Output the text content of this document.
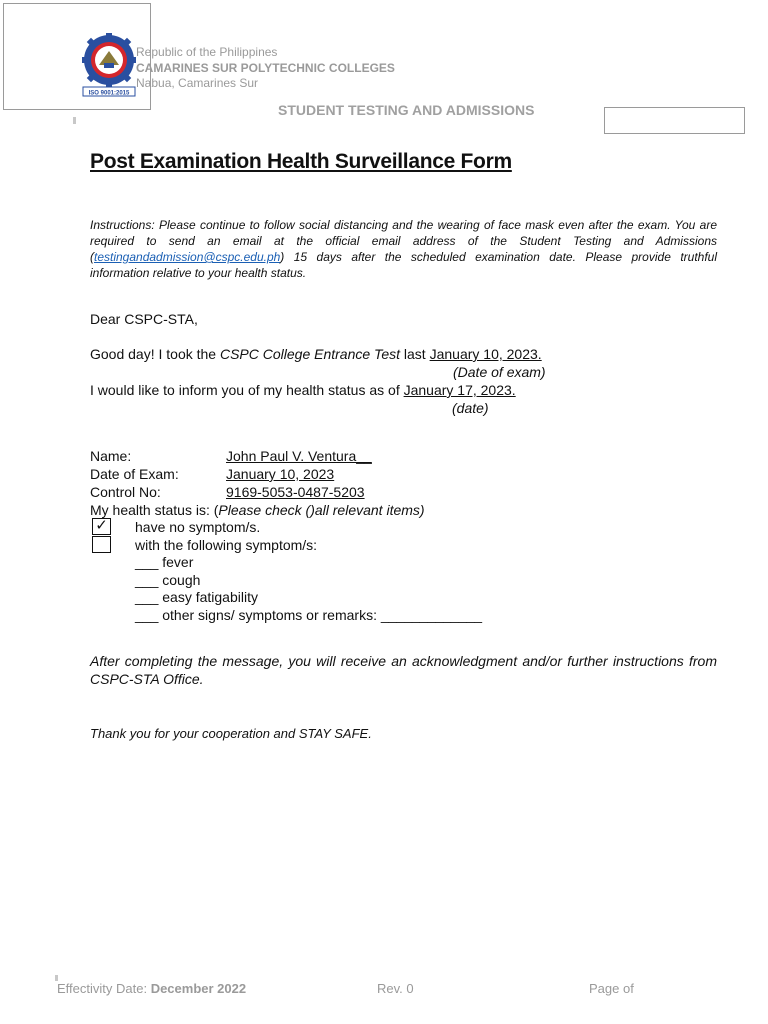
ISO 9001:2015
Republic of the Philippines
CAMARINES SUR POLYTECHNIC COLLEGES
Nabua, Camarines Sur
STUDENT TESTING AND ADMISSIONS
Post Examination Health Surveillance Form
Instructions: Please continue to follow social distancing and the wearing of face mask even after the exam. You are required to send an email at the official email address of the Student Testing and Admissions (testingandadmission@cspc.edu.ph) 15 days after the scheduled examination date. Please provide truthful information relative to your health status.
Dear CSPC-STA,
Good day! I took the CSPC College Entrance Test last January 10, 2023.
(Date of exam)
I would like to inform you of my health status as of January 17, 2023.
(date)
Name:	John Paul V. Ventura__
Date of Exam:	January 10, 2023
Control No:	9169-5053-0487-5203
My health status is: (Please check ()all relevant items)
✓ have no symptom/s.
with the following symptom/s:
___ fever
___ cough
___ easy fatigability
___ other signs/ symptoms or remarks: _____________
After completing the message, you will receive an acknowledgment and/or further instructions from CSPC-STA Office.
Thank you for your cooperation and STAY SAFE.
Effectivity Date: December 2022	Rev. 0	Page of
